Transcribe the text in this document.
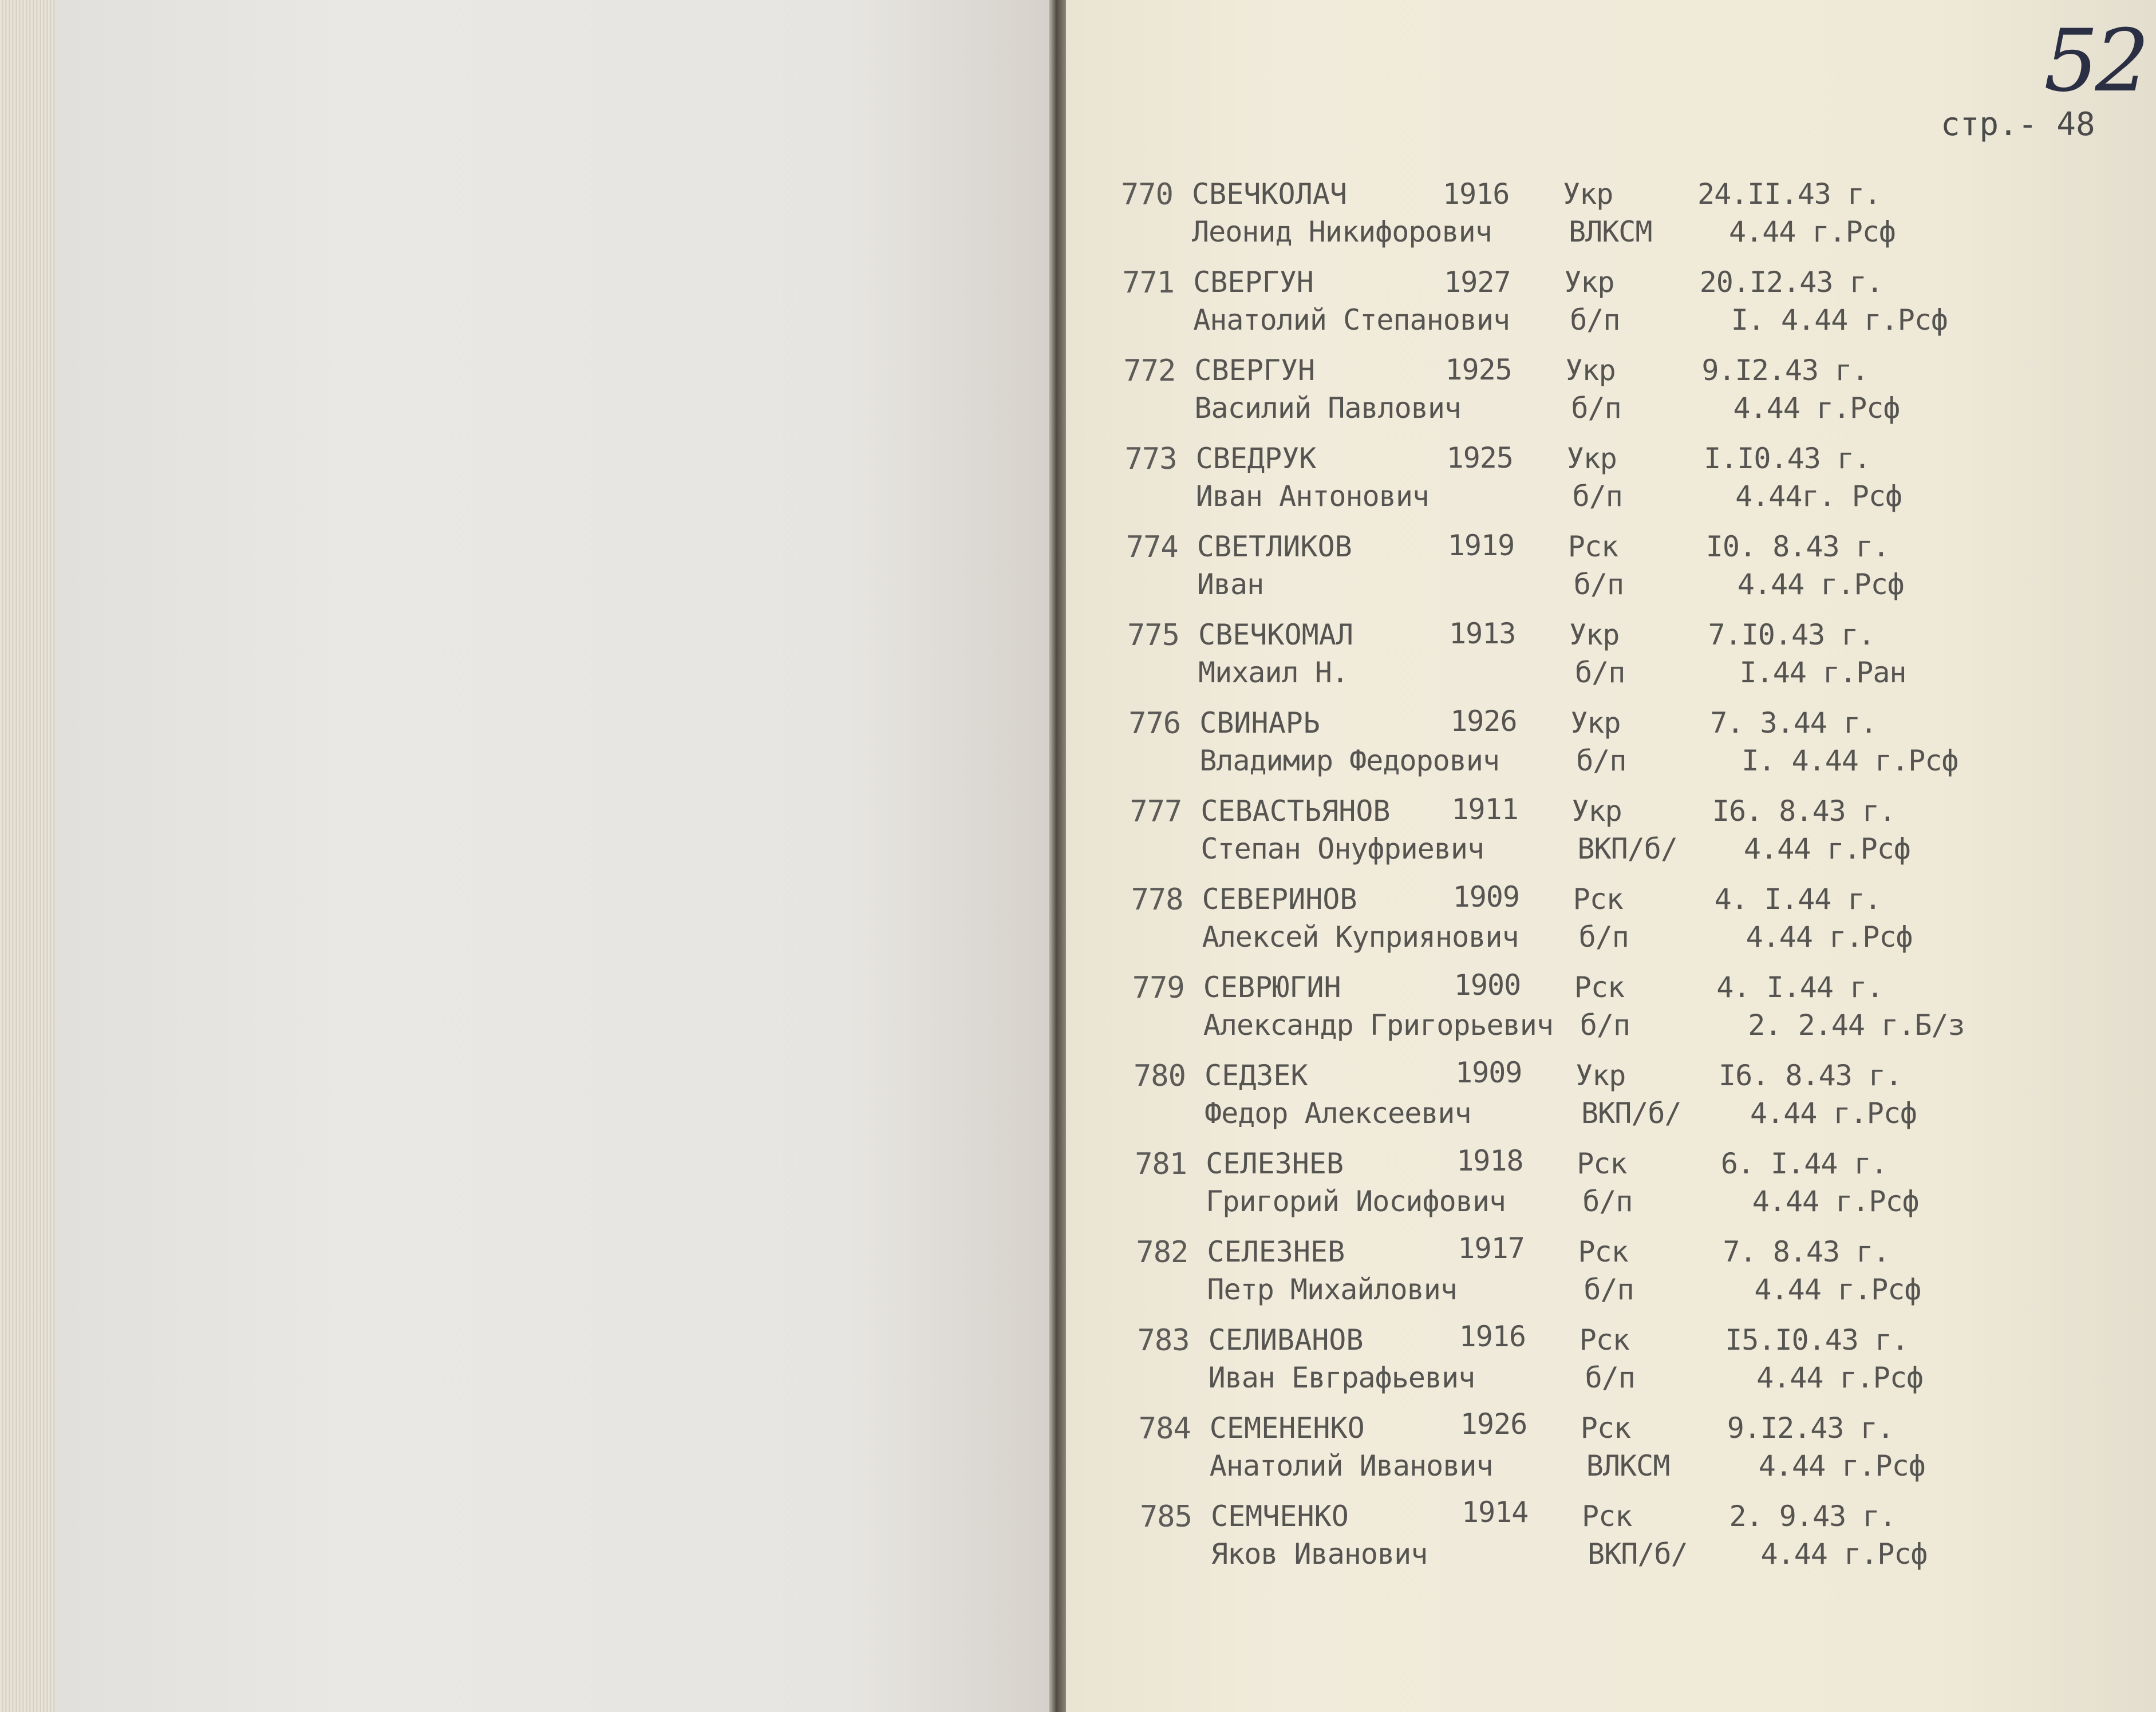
52
стр.- 48
770 СВЕЧКОЛАЧ	1916 Укр	24.II.43 г.
Леонид Никифорович	ВЛКСМ	4.44 г.Рсф
771 СВЕРГУН	1927 Укр	20.I2.43 г.
Анатолий Степанович б/п	I. 4.44 г.Рсф
772 СВЕРГУН	1925 Укр	9.I2.43 г.
Василий Павлович	б/п	4.44 г.Рсф
773 СВЕДРУК	1925 Укр	I.I0.43 г.
Иван Антонович	б/п	4.44г. Рсф
774 СВЕТЛИКОВ	1919 Рск	I0. 8.43 г.
Иван	б/п	4.44 г.Рсф
775 СВЕЧКОМАЛ	1913 Укр	7.I0.43 г.
Михаил Н.	б/п	I.44 г.Ран
776 СВИНАРЬ	1926 Укр	7. 3.44 г.
Владимир Федорович	б/п	I. 4.44 г.Рсф
777 СЕВАСТЬЯНОВ 1911 Укр	I6. 8.43 г.
Степан Онуфриевич	ВКП/б/ 4.44 г.Рсф
778 СЕВЕРИНОВ	1909 Рск	4. I.44 г.
Алексей Куприянович б/п	4.44 г.Рсф
779 СЕВРЮГИН	1900 Рск	4. I.44 г.
Александр Григорьевич б/п	2. 2.44 г.Б/з
780 СЕДЗЕК	1909 Укр	I6. 8.43 г.
Федор Алексеевич	ВКП/б/ 4.44 г.Рсф
781 СЕЛЕЗНЕВ	1918 Рск	6. I.44 г.
Григорий Иосифович	б/п	4.44 г.Рсф
782 СЕЛЕЗНЕВ	1917 Рск	7. 8.43 г.
Петр Михайлович	б/п	4.44 г.Рсф
783 СЕЛИВАНОВ	1916 Рск	I5.I0.43 г.
Иван Евграфьевич	б/п	4.44 г.Рсф
784 СЕМЕНЕНКО	1926 Рск	9.I2.43 г.
Анатолий Иванович	ВЛКСМ	4.44 г.Рсф
785 СЕМЧЕНКО	1914 Рск	2. 9.43 г.
Яков Иванович	ВКП/б/	4.44 г.Рсф
